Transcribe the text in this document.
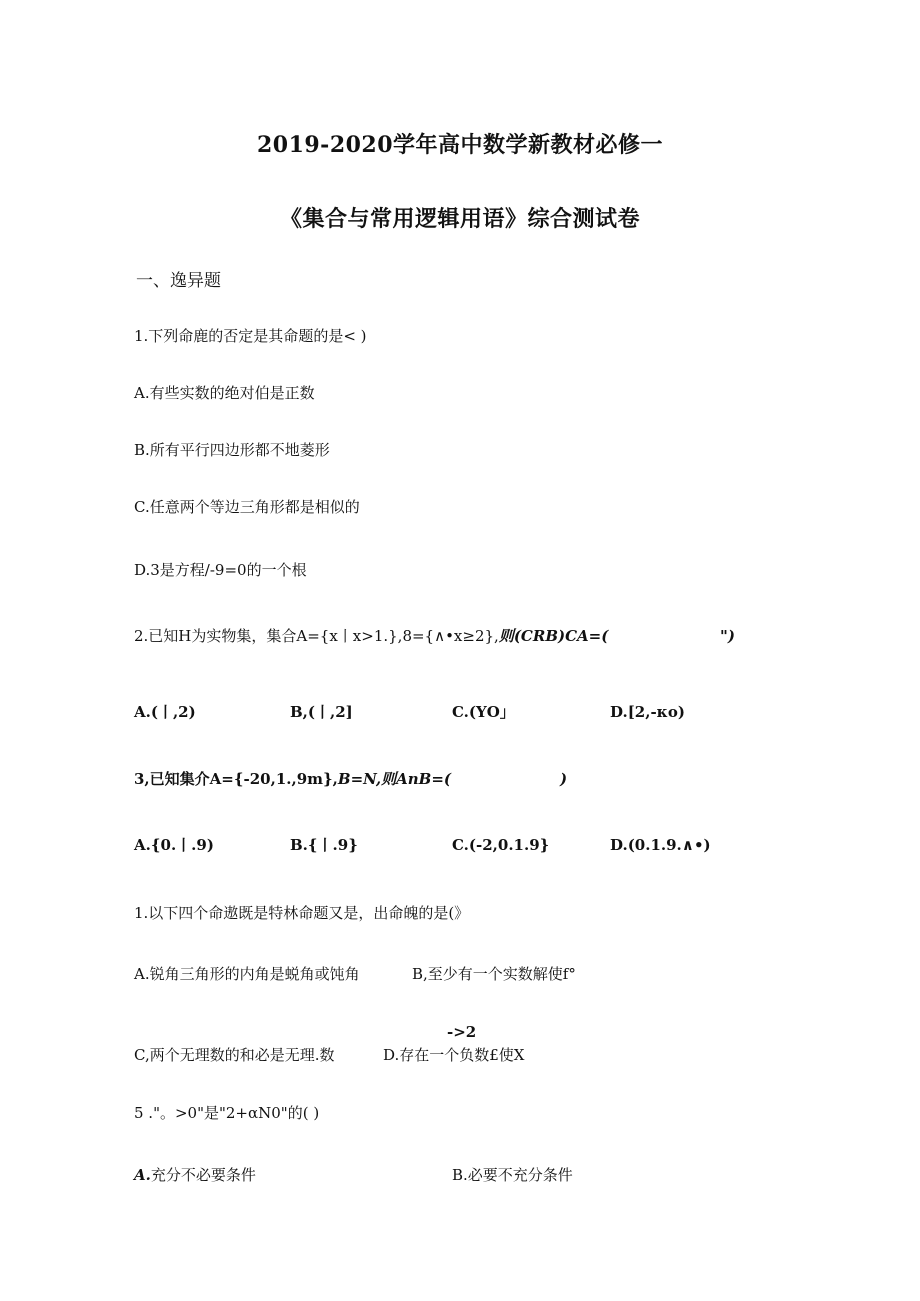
2019-2020学年高中数学新教材必修一
《集合与常用逻辑用语》综合测试卷
一、逸异题
1.下列命鹿的否定是其命题的是< )
A.有些实数的绝对伯是正数
B.所有平行四边形都不地菱形
C.任意两个等边三角形都是相似的
D.3是方程/-9=0的一个根
2.已知H为实物集，集合A={x丨x>1.},8={∧•x≥2},则(CRB)CA=(	")
A.(丨,2)	B,(丨,2]	C.(YO」	D.[2,-κo)
3,已知集介A={-20,1.,9m},B=N,则AnB=(	)
A.{0.丨.9)	B.{丨.9}	C.(-2,0.1.9}	D.(0.1.9.∧•)
1.以下四个命遨既是特林命题又是，出命魄的是(》
A.锐角三角形的内角是蜕角或饨角	B,至少有一个实数解使f°
->2
C,两个无理数的和必是无理.数	D.存在一个负数£使X
5 ."。>0"是"2+αN0"的( )
A.充分不必要条件	B.必要不充分条件
